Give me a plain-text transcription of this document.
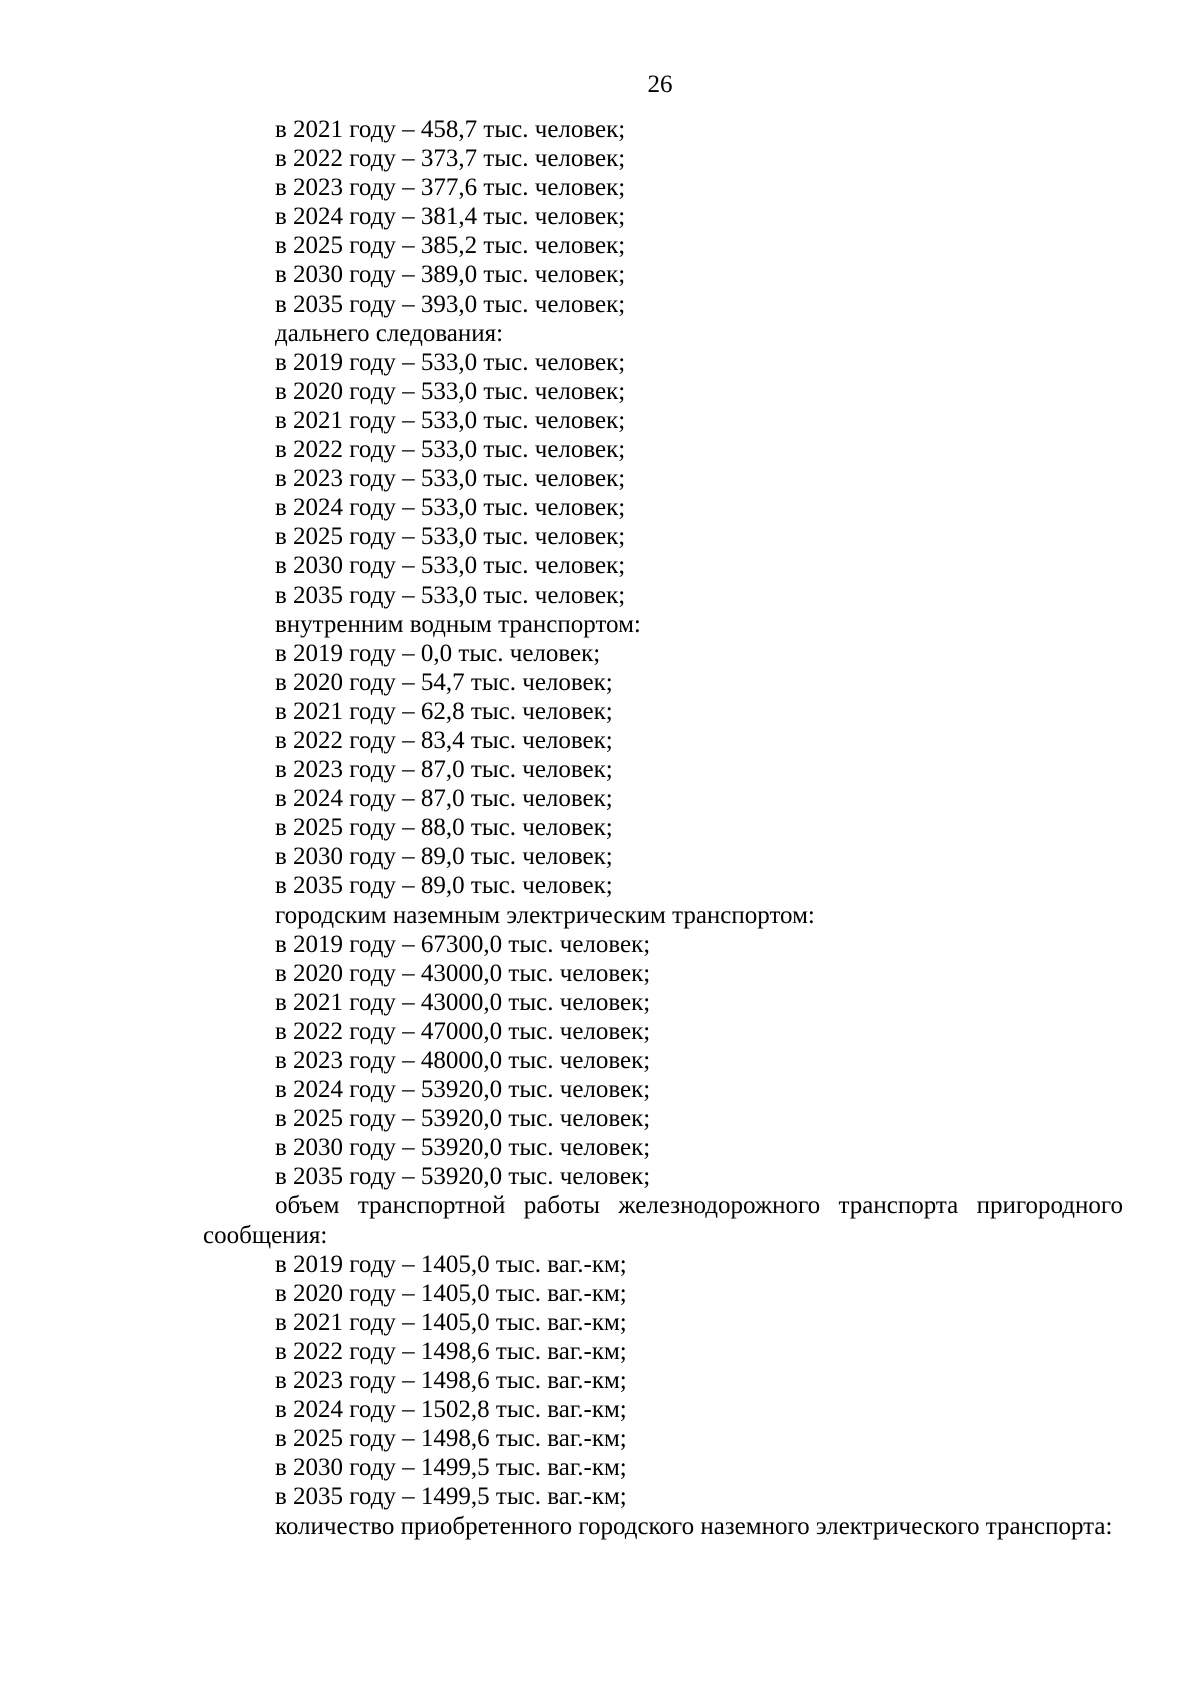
26
в 2021 году – 458,7 тыс. человек;
в 2022 году – 373,7 тыс. человек;
в 2023 году – 377,6 тыс. человек;
в 2024 году – 381,4 тыс. человек;
в 2025 году – 385,2 тыс. человек;
в 2030 году – 389,0 тыс. человек;
в 2035 году – 393,0 тыс. человек;
дальнего следования:
в 2019 году – 533,0 тыс. человек;
в 2020 году – 533,0 тыс. человек;
в 2021 году – 533,0 тыс. человек;
в 2022 году – 533,0 тыс. человек;
в 2023 году – 533,0 тыс. человек;
в 2024 году – 533,0 тыс. человек;
в 2025 году – 533,0 тыс. человек;
в 2030 году – 533,0 тыс. человек;
в 2035 году – 533,0 тыс. человек;
внутренним водным транспортом:
в 2019 году – 0,0 тыс. человек;
в 2020 году – 54,7 тыс. человек;
в 2021 году – 62,8 тыс. человек;
в 2022 году – 83,4 тыс. человек;
в 2023 году – 87,0 тыс. человек;
в 2024 году – 87,0 тыс. человек;
в 2025 году – 88,0 тыс. человек;
в 2030 году – 89,0 тыс. человек;
в 2035 году – 89,0 тыс. человек;
городским наземным электрическим транспортом:
в 2019 году – 67300,0 тыс. человек;
в 2020 году – 43000,0 тыс. человек;
в 2021 году – 43000,0 тыс. человек;
в 2022 году – 47000,0 тыс. человек;
в 2023 году – 48000,0 тыс. человек;
в 2024 году – 53920,0 тыс. человек;
в 2025 году – 53920,0 тыс. человек;
в 2030 году – 53920,0 тыс. человек;
в 2035 году – 53920,0 тыс. человек;
объем транспортной работы железнодорожного транспорта пригородного сообщения:
в 2019 году – 1405,0 тыс. ваг.-км;
в 2020 году – 1405,0 тыс. ваг.-км;
в 2021 году – 1405,0 тыс. ваг.-км;
в 2022 году – 1498,6 тыс. ваг.-км;
в 2023 году – 1498,6 тыс. ваг.-км;
в 2024 году – 1502,8 тыс. ваг.-км;
в 2025 году – 1498,6 тыс. ваг.-км;
в 2030 году – 1499,5 тыс. ваг.-км;
в 2035 году – 1499,5 тыс. ваг.-км;
количество приобретенного городского наземного электрического транспорта:
